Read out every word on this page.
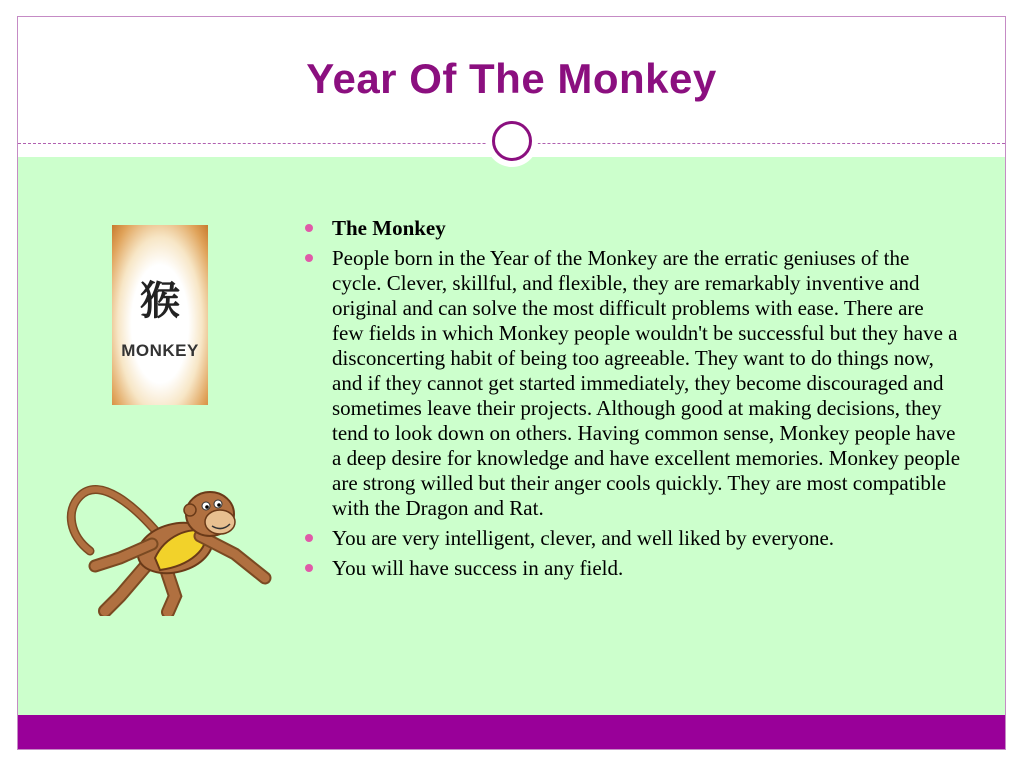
Year Of The Monkey
猴
MONKEY
The Monkey
People born in the Year of the Monkey are the erratic geniuses of the cycle. Clever, skillful, and flexible, they are remarkably inventive and original and can solve the most difficult problems with ease. There are few fields in which Monkey people wouldn't be successful but they have a disconcerting habit of being too agreeable. They want to do things now, and if they cannot get started immediately, they become discouraged and sometimes leave their projects. Although good at making decisions, they tend to look down on others. Having common sense, Monkey people have a deep desire for knowledge and have excellent memories. Monkey people are strong willed but their anger cools quickly. They are most compatible with the Dragon and Rat.
You are very intelligent, clever, and well liked by everyone.
You will have success in any field.
